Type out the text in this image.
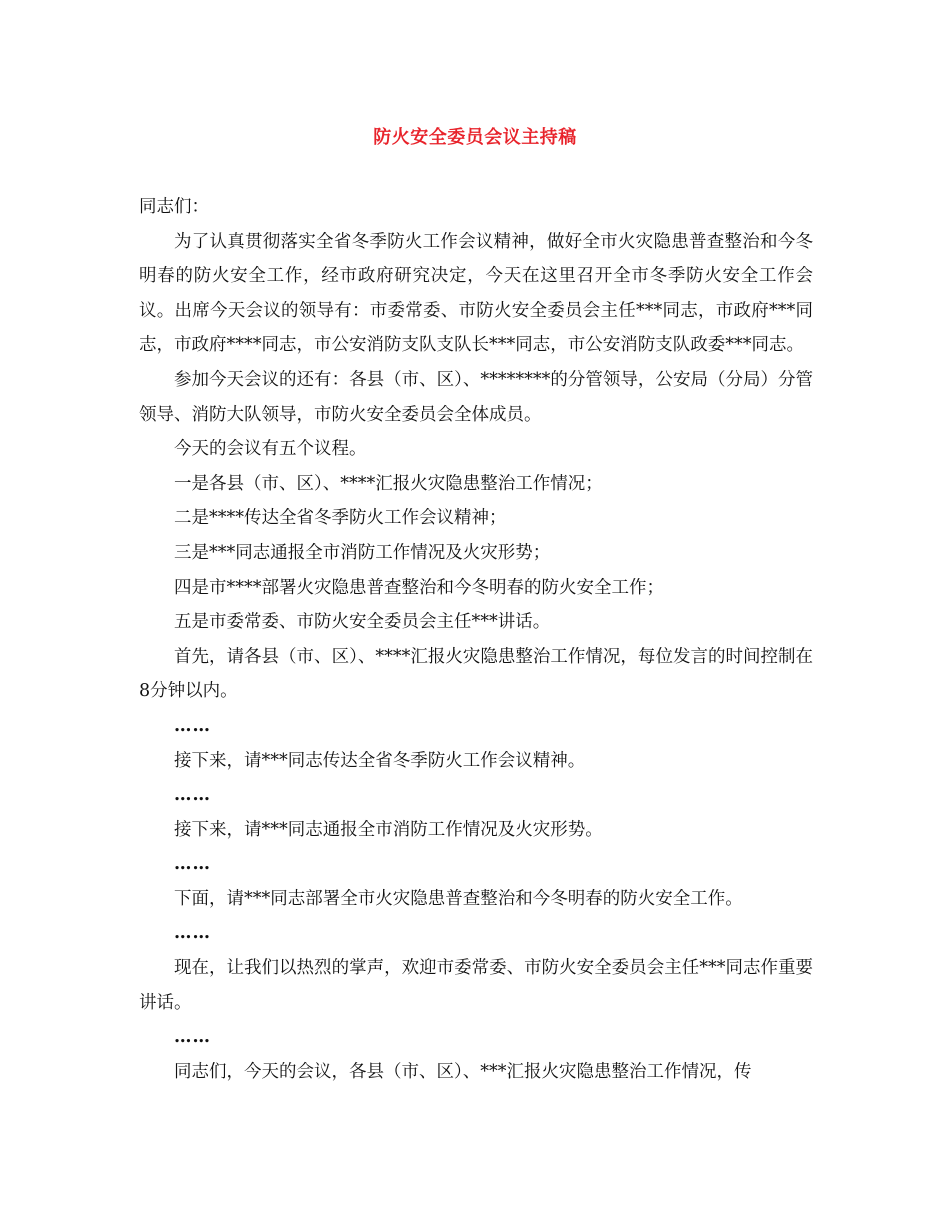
防火安全委员会议主持稿

同志们：

为了认真贯彻落实全省冬季防火工作会议精神，做好全市火灾隐患普查整治和今冬明春的防火安全工作，经市政府研究决定，今天在这里召开全市冬季防火安全工作会议。出席今天会议的领导有：市委常委、市防火安全委员会主任***同志，市政府***同志，市政府****同志，市公安消防支队支队长***同志，市公安消防支队政委***同志。

参加今天会议的还有：各县（市、区）、********的分管领导，公安局（分局）分管领导、消防大队领导，市防火安全委员会全体成员。

今天的会议有五个议程。

一是各县（市、区）、****汇报火灾隐患整治工作情况；

二是****传达全省冬季防火工作会议精神；

三是***同志通报全市消防工作情况及火灾形势；

四是市****部署火灾隐患普查整治和今冬明春的防火安全工作；

五是市委常委、市防火安全委员会主任***讲话。

首先，请各县（市、区）、****汇报火灾隐患整治工作情况，每位发言的时间控制在8分钟以内。

……

接下来，请***同志传达全省冬季防火工作会议精神。

……

接下来，请***同志通报全市消防工作情况及火灾形势。

……

下面，请***同志部署全市火灾隐患普查整治和今冬明春的防火安全工作。

……

现在，让我们以热烈的掌声，欢迎市委常委、市防火安全委员会主任***同志作重要讲话。

……

同志们，今天的会议，各县（市、区）、***汇报火灾隐患整治工作情况，传
